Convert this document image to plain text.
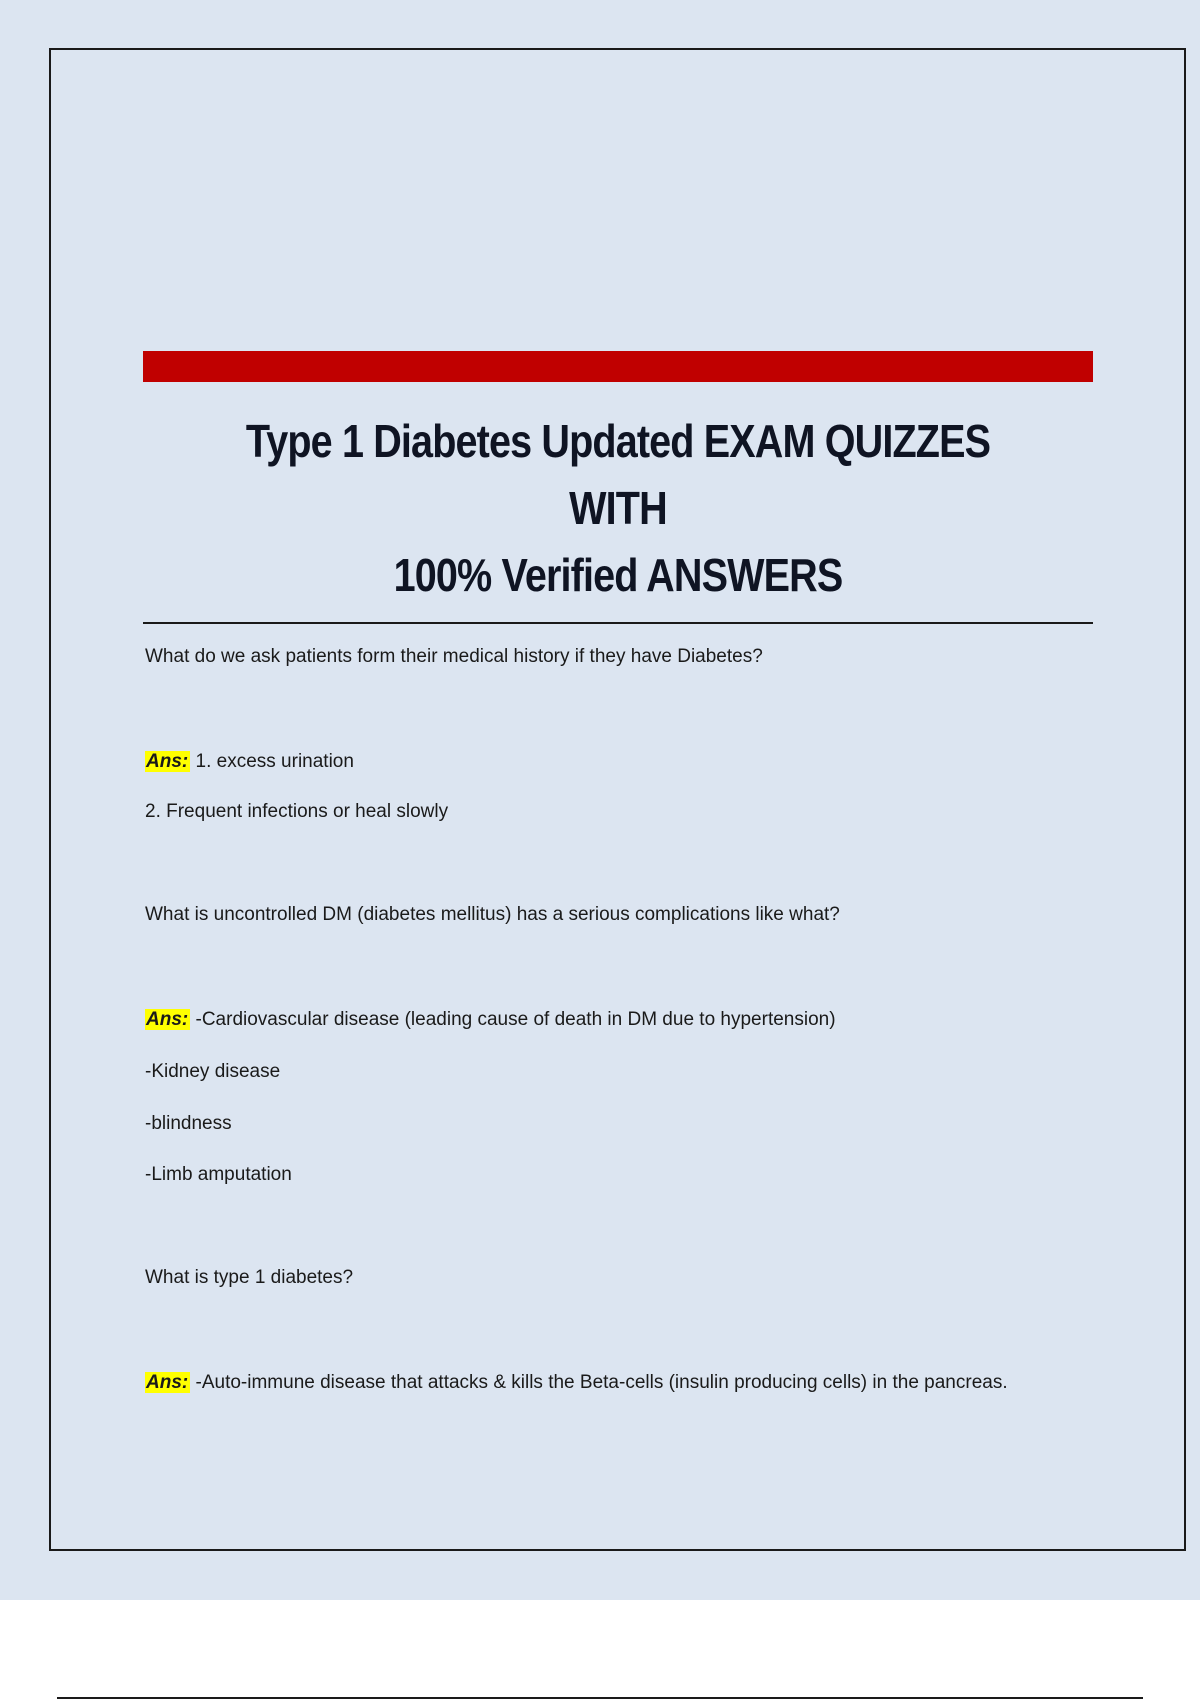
Type 1 Diabetes Updated EXAM QUIZZES WITH
100% Verified ANSWERS

What do we ask patients form their medical history if they have Diabetes?

Ans: 1. excess urination

2. Frequent infections or heal slowly

What is uncontrolled DM (diabetes mellitus) has a serious complications like what?

Ans: -Cardiovascular disease (leading cause of death in DM due to hypertension)

-Kidney disease

-blindness

-Limb amputation

What is type 1 diabetes?

Ans: -Auto-immune disease that attacks & kills the Beta-cells (insulin producing cells) in the pancreas.
